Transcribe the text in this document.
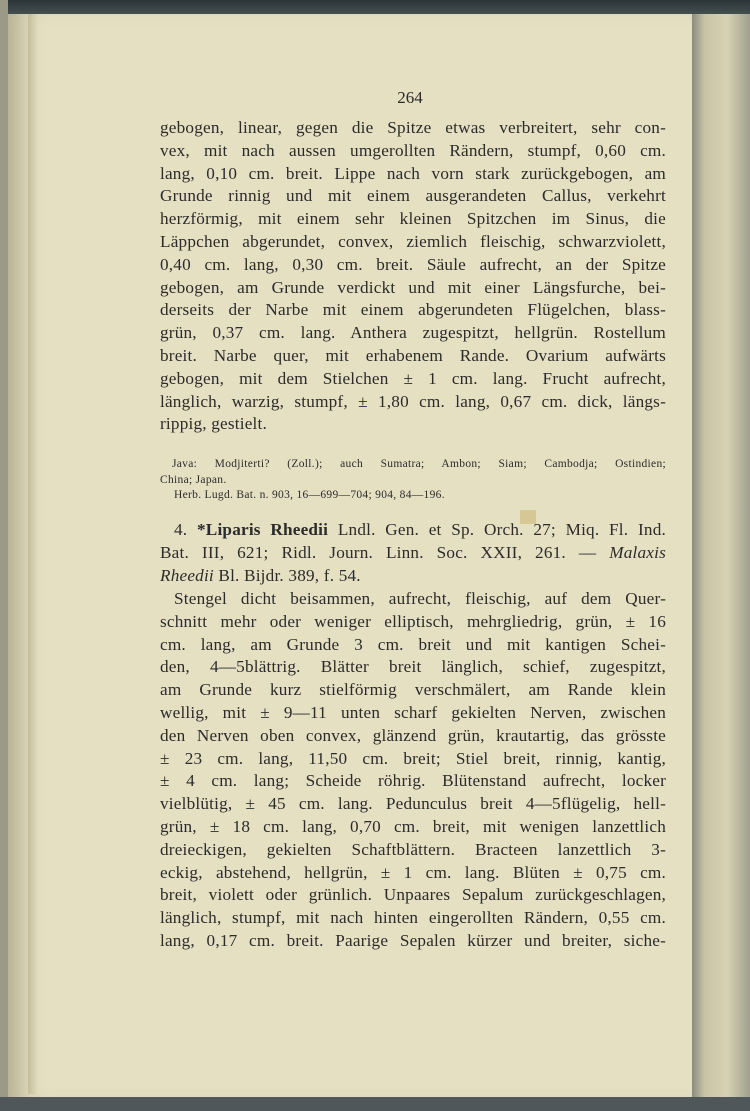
264
gebogen, linear, gegen die Spitze etwas verbreitert, sehr con-
vex, mit nach aussen umgerollten Rändern, stumpf, 0,60 cm.
lang, 0,10 cm. breit. Lippe nach vorn stark zurückgebogen, am
Grunde rinnig und mit einem ausgerandeten Callus, verkehrt
herzförmig, mit einem sehr kleinen Spitzchen im Sinus, die
Läppchen abgerundet, convex, ziemlich fleischig, schwarzviolett,
0,40 cm. lang, 0,30 cm. breit. Säule aufrecht, an der Spitze
gebogen, am Grunde verdickt und mit einer Längsfurche, bei-
derseits der Narbe mit einem abgerundeten Flügelchen, blass-
grün, 0,37 cm. lang. Anthera zugespitzt, hellgrün. Rostellum
breit. Narbe quer, mit erhabenem Rande. Ovarium aufwärts
gebogen, mit dem Stielchen ± 1 cm. lang. Frucht aufrecht,
länglich, warzig, stumpf, ± 1,80 cm. lang, 0,67 cm. dick, längs-
rippig, gestielt.
Java: Modjiterti? (Zoll.); auch Sumatra; Ambon; Siam; Cambodja; Ostindien;
China; Japan.
Herb. Lugd. Bat. n. 903, 16—699—704; 904, 84—196.
4. *Liparis Rheedii Lndl. Gen. et Sp. Orch. 27; Miq. Fl. Ind.
Bat. III, 621; Ridl. Journ. Linn. Soc. XXII, 261. — Malaxis
Rheedii Bl. Bijdr. 389, f. 54.
Stengel dicht beisammen, aufrecht, fleischig, auf dem Quer-
schnitt mehr oder weniger elliptisch, mehrgliedrig, grün, ± 16
cm. lang, am Grunde 3 cm. breit und mit kantigen Schei-
den, 4—5blättrig. Blätter breit länglich, schief, zugespitzt,
am Grunde kurz stielförmig verschmälert, am Rande klein
wellig, mit ± 9—11 unten scharf gekielten Nerven, zwischen
den Nerven oben convex, glänzend grün, krautartig, das grösste
± 23 cm. lang, 11,50 cm. breit; Stiel breit, rinnig, kantig,
± 4 cm. lang; Scheide röhrig. Blütenstand aufrecht, locker
vielblütig, ± 45 cm. lang. Pedunculus breit 4—5flügelig, hell-
grün, ± 18 cm. lang, 0,70 cm. breit, mit wenigen lanzettlich
dreieckigen, gekielten Schaftblättern. Bracteen lanzettlich 3-
eckig, abstehend, hellgrün, ± 1 cm. lang. Blüten ± 0,75 cm.
breit, violett oder grünlich. Unpaares Sepalum zurückgeschlagen,
länglich, stumpf, mit nach hinten eingerollten Rändern, 0,55 cm.
lang, 0,17 cm. breit. Paarige Sepalen kürzer und breiter, siche-
